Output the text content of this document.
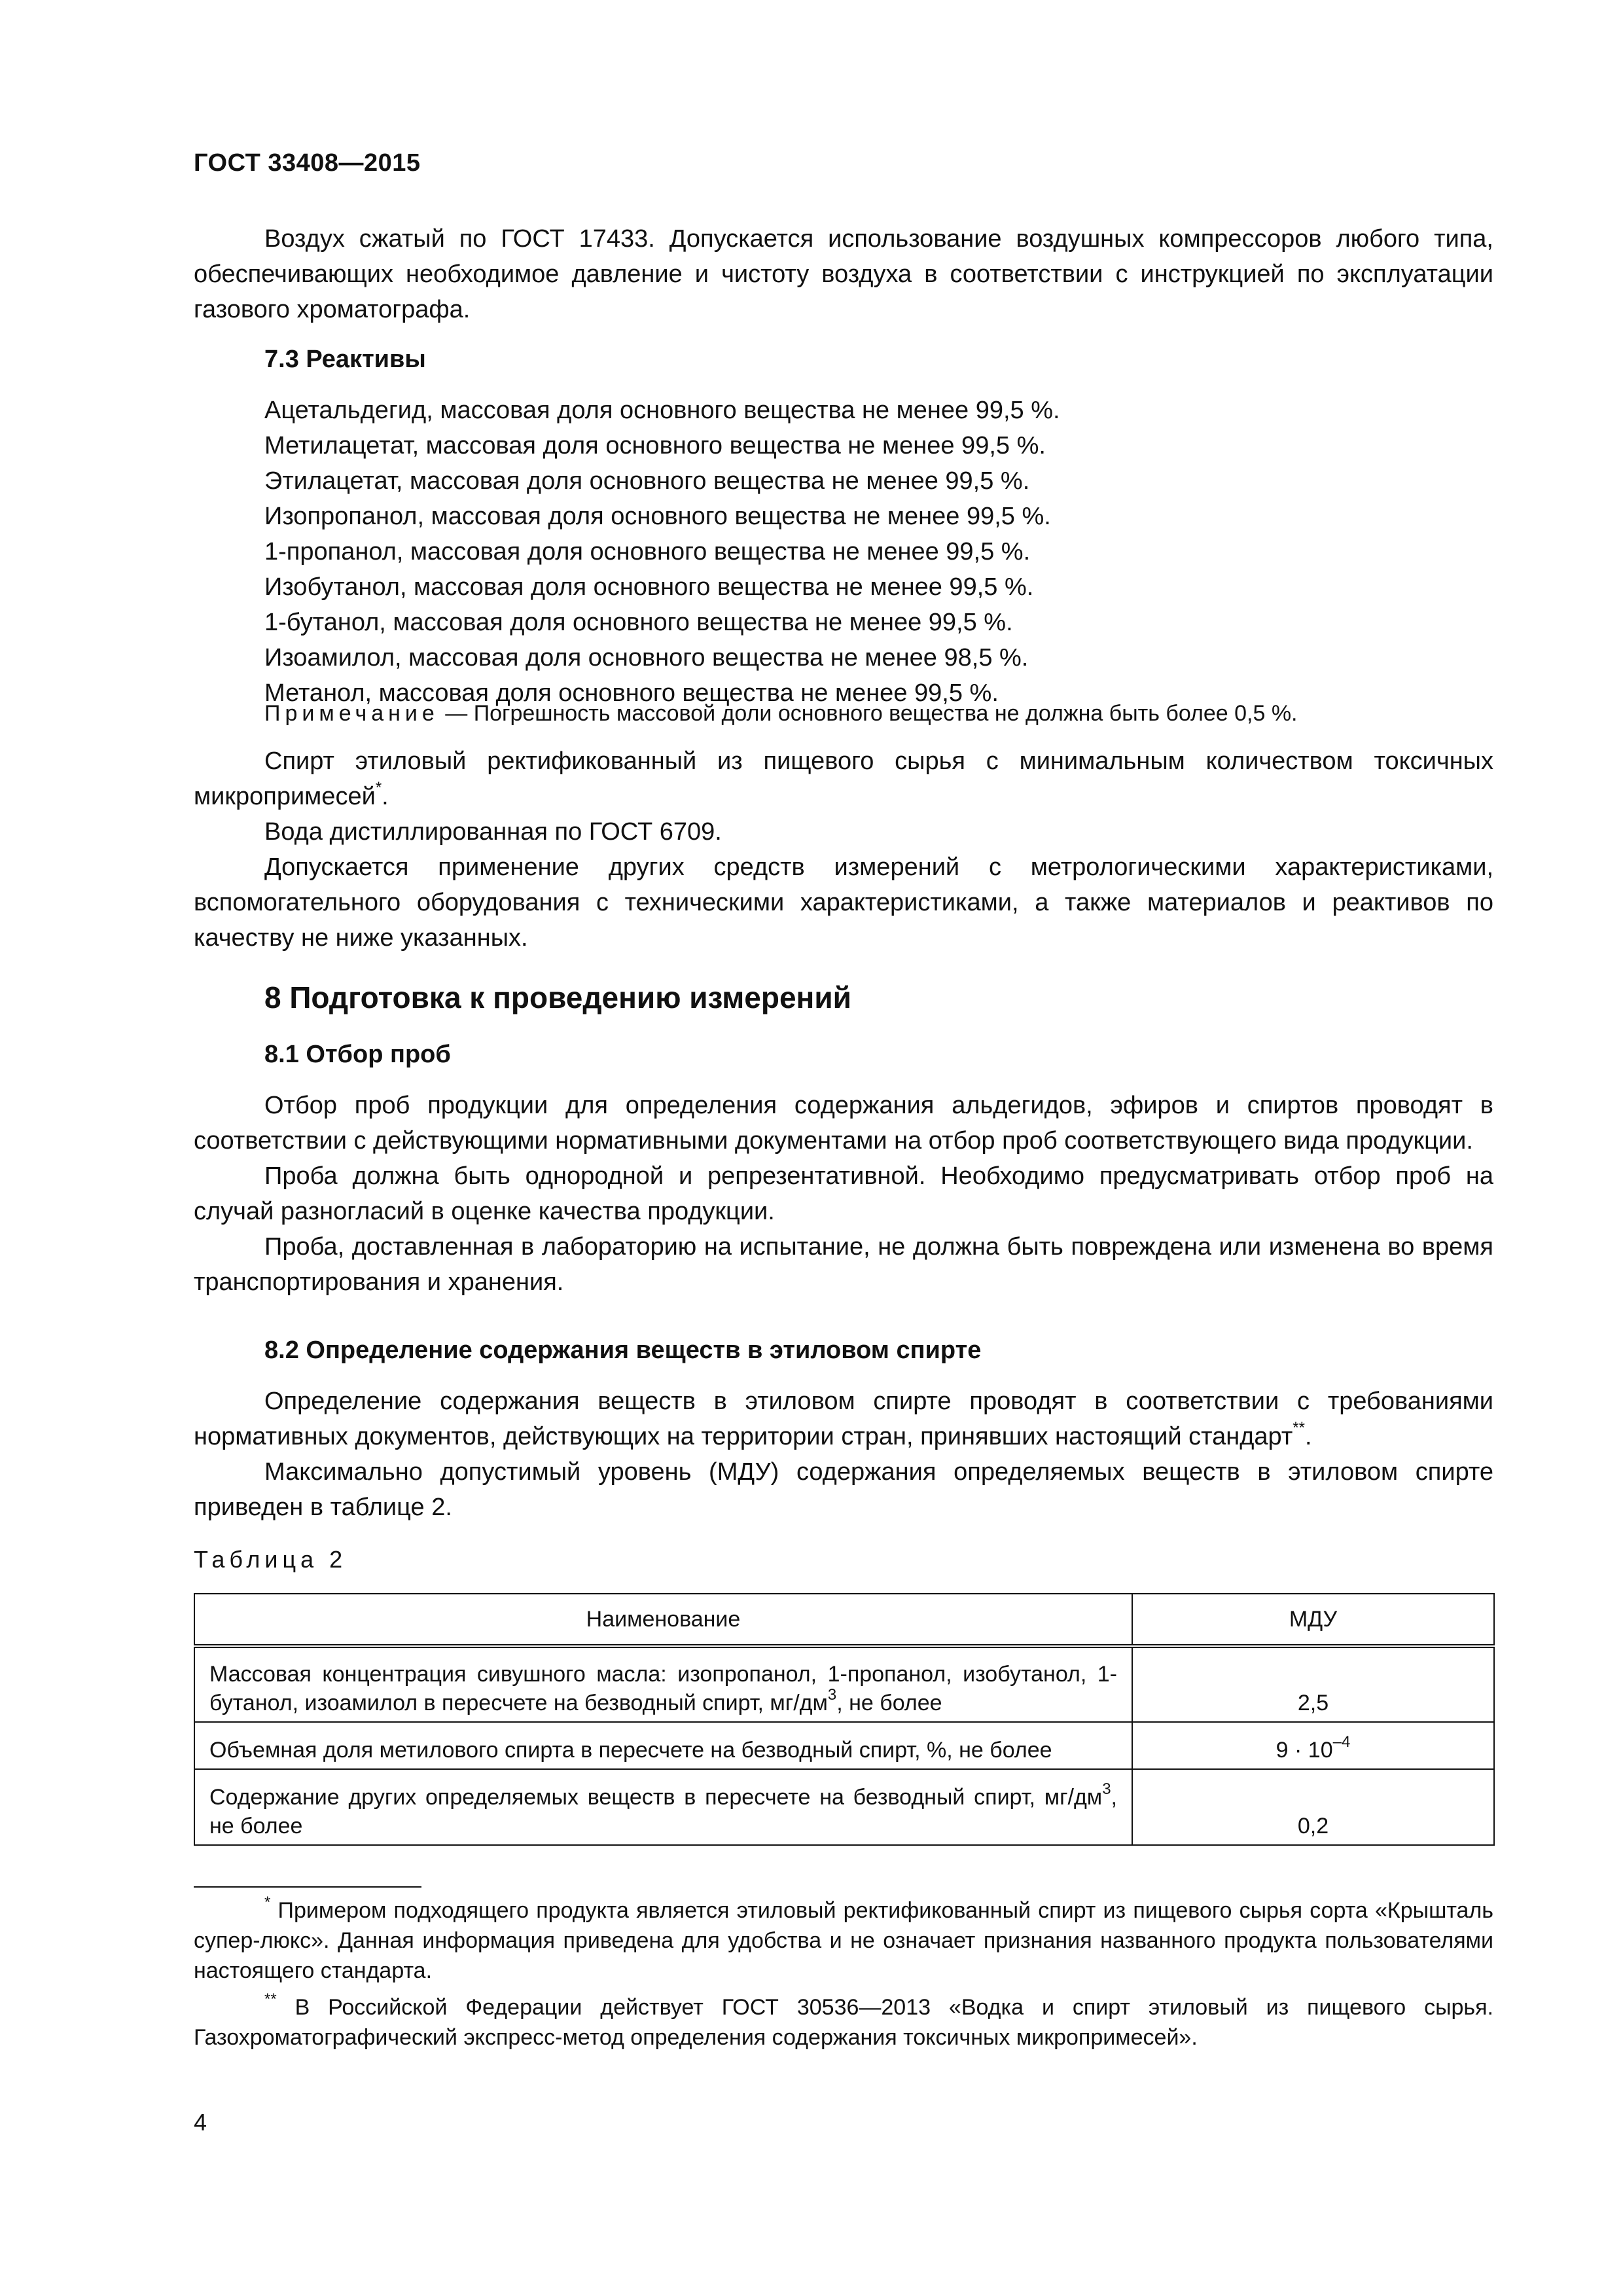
ГОСТ 33408—2015

Воздух сжатый по ГОСТ 17433. Допускается использование воздушных компрессоров любого типа, обеспечивающих необходимое давление и чистоту воздуха в соответствии с инструкцией по эксплуатации газового хроматографа.

7.3 Реактивы

Ацетальдегид, массовая доля основного вещества не менее 99,5 %.

Метилацетат, массовая доля основного вещества не менее 99,5 %.

Этилацетат, массовая доля основного вещества не менее 99,5 %.

Изопропанол, массовая доля основного вещества не менее 99,5 %.

1-пропанол, массовая доля основного вещества не менее 99,5 %.

Изобутанол, массовая доля основного вещества не менее 99,5 %.

1-бутанол, массовая доля основного вещества не менее 99,5 %.

Изоамилол, массовая доля основного вещества не менее 98,5 %.

Метанол, массовая доля основного вещества не менее 99,5 %.

Примечание — Погрешность массовой доли основного вещества не должна быть более 0,5 %.

Спирт этиловый ректификованный из пищевого сырья с минимальным количеством токсичных микропримесей*.

Вода дистиллированная по ГОСТ 6709.

Допускается применение других средств измерений с метрологическими характеристиками, вспомогательного оборудования с техническими характеристиками, а также материалов и реактивов по качеству не ниже указанных.

8 Подготовка к проведению измерений
8.1 Отбор проб

Отбор проб продукции для определения содержания альдегидов, эфиров и спиртов проводят в соответствии с действующими нормативными документами на отбор проб соответствующего вида продукции.

Проба должна быть однородной и репрезентативной. Необходимо предусматривать отбор проб на случай разногласий в оценке качества продукции.

Проба, доставленная в лабораторию на испытание, не должна быть повреждена или изменена во время транспортирования и хранения.

8.2 Определение содержания веществ в этиловом спирте

Определение содержания веществ в этиловом спирте проводят в соответствии с требованиями нормативных документов, действующих на территории стран, принявших настоящий стандарт**.

Максимально допустимый уровень (МДУ) содержания определяемых веществ в этиловом спирте приведен в таблице 2.

Таблица 2
Наименование	МДУ
Массовая концентрация сивушного масла: изопропанол, 1-пропанол, изобутанол, 1-бутанол, изоамилол в пересчете на безводный спирт, $мг/дм^3$, не более	2,5
Объемная доля метилового спирта в пересчете на безводный спирт, %, не более	$9 \cdot 10^{-4}$
Содержание других определяемых веществ в пересчете на безводный спирт, $мг/дм^3$, не более	0,2

* Примером подходящего продукта является этиловый ректификованный спирт из пищевого сырья сорта «Крышталь супер-люкс». Данная информация приведена для удобства и не означает признания названного продукта пользователями настоящего стандарта.

** В Российской Федерации действует ГОСТ 30536—2013 «Водка и спирт этиловый из пищевого сырья. Газохроматографический экспресс-метод определения содержания токсичных микропримесей».

4
